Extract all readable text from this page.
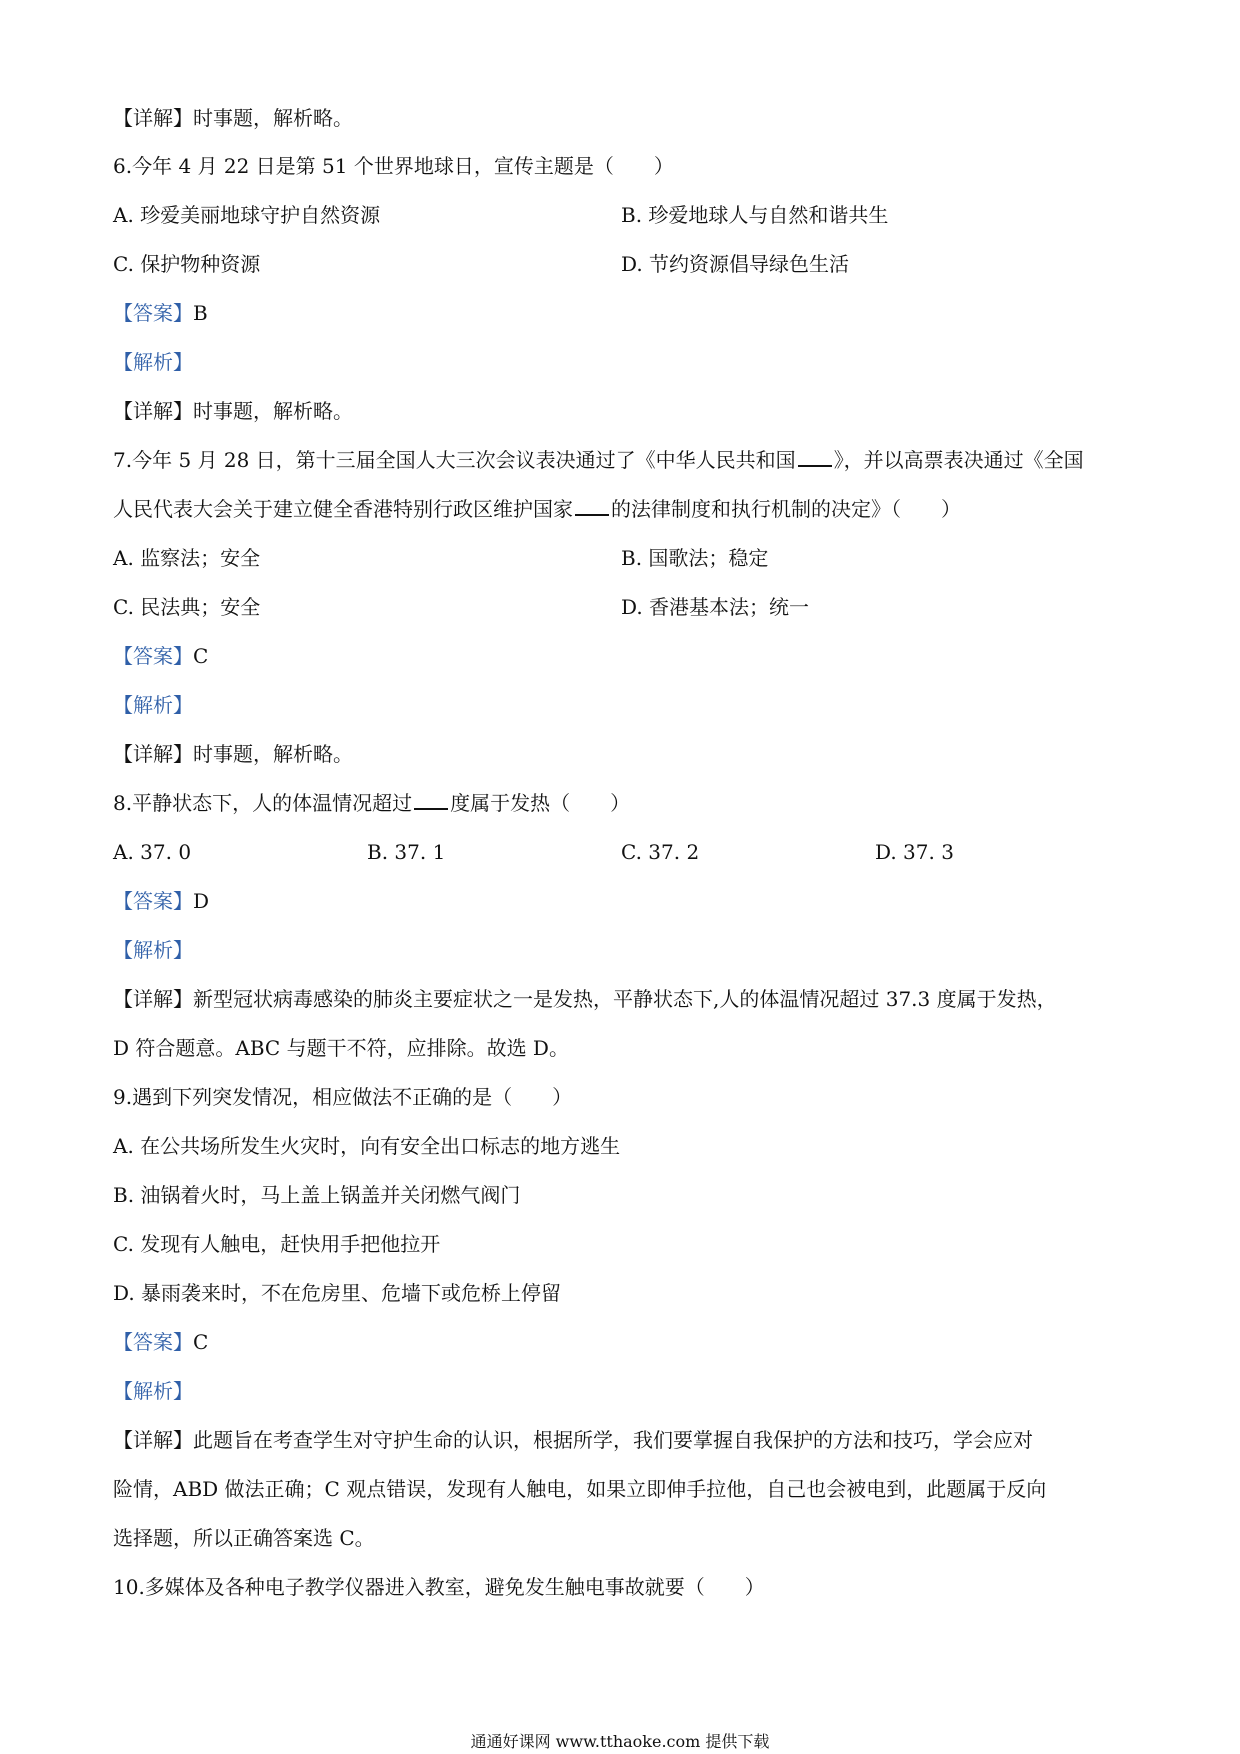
【详解】时事题，解析略。
6.今年 4 月 22 日是第 51 个世界地球日，宣传主题是（　　）
A. 珍爱美丽地球守护自然资源	B. 珍爱地球人与自然和谐共生
C. 保护物种资源	D. 节约资源倡导绿色生活
【答案】B
【解析】
【详解】时事题，解析略。
7.今年 5 月 28 日，第十三届全国人大三次会议表决通过了《中华人民共和国 》，并以高票表决通过《全国
人民代表大会关于建立健全香港特别行政区维护国家 的法律制度和执行机制的决定》（　　）
A. 监察法；安全	B. 国歌法；稳定
C. 民法典；安全	D. 香港基本法；统一
【答案】C
【解析】
【详解】时事题，解析略。
8.平静状态下，人的体温情况超过 度属于发热（　　）
A. 37. 0	B. 37. 1	C. 37. 2	D. 37. 3
【答案】D
【解析】
【详解】新型冠状病毒感染的肺炎主要症状之一是发热，平静状态下,人的体温情况超过 37.3 度属于发热，
D 符合题意。ABC 与题干不符，应排除。故选 D。
9.遇到下列突发情况，相应做法不正确的是（　　）
A. 在公共场所发生火灾时，向有安全出口标志的地方逃生
B. 油锅着火时，马上盖上锅盖并关闭燃气阀门
C. 发现有人触电，赶快用手把他拉开
D. 暴雨袭来时，不在危房里、危墙下或危桥上停留
【答案】C
【解析】
【详解】此题旨在考查学生对守护生命的认识，根据所学，我们要掌握自我保护的方法和技巧，学会应对
险情，ABD 做法正确；C 观点错误，发现有人触电，如果立即伸手拉他，自己也会被电到，此题属于反向
选择题，所以正确答案选 C。
10.多媒体及各种电子教学仪器进入教室，避免发生触电事故就要（　　）
通通好课网 www.tthaoke.com 提供下载
